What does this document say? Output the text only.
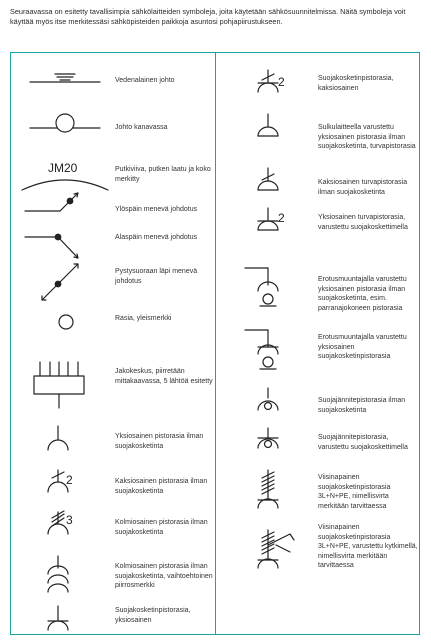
Seuraavassa on esitetty tavallisimpia sähkölaitteiden symboleja, joita käytetään sähkösuunnitelmissa. Näitä symboleja voit käyttää myös itse merkitessäsi sähköpisteiden paikkoja asuntosi pohjapiirustukseen.
Vedenalainen johto
Johto kanavassa
Putkiviiva, putken laatu ja koko merkitty
Ylöspäin menevä johdotus
Alaspäin menevä johdotus
Pystysuoraan läpi menevä johdotus
Rasia, yleismerkki
Jakokeskus, piirretään mittakaavassa, 5 lähtöä esitetty
Yksiosainen pistorasia ilman suojakosketinta
Kaksiosainen pistorasia ilman suojakosketinta
Kolmiosainen pistorasia ilman suojakosketinta
Kolmiosainen pistorasia ilman suojakosketinta, vaihtoehtoinen piirrosmerkki
Suojakosketinpistorasia, yksiosainen
Suojakosketinpistorasia, kaksiosainen
Sulkulaitteella varustettu yksiosainen pistorasia ilman suojakosketinta, turvapistorasia
Kaksiosainen turvapistorasia ilman suojakosketinta
Yksiosainen turvapistorasia, varustettu suojakoskettimella
Erotusmuuntajalla varustettu yksiosainen pistorasia ilman suojakosketinta, esim. parranajokoneen pistorasia
Erotusmuuntajalla varustettu yksiosainen suojakosketinpistorasia
Suojajännitepistorasia ilman suojakosketinta
Suojajännitepistorasia, varustettu suojakoskettimella
Viisinapainen suojakosketinpistorasia 3L+N+PE, nimellisvirta merkitään tarvittaessa
Viisinapainen suojakosketinpistorasia 3L+N+PE, varustettu kytkimellä, nimellisvirta merkitään tarvittaessa
JM20
2
3
2
2
